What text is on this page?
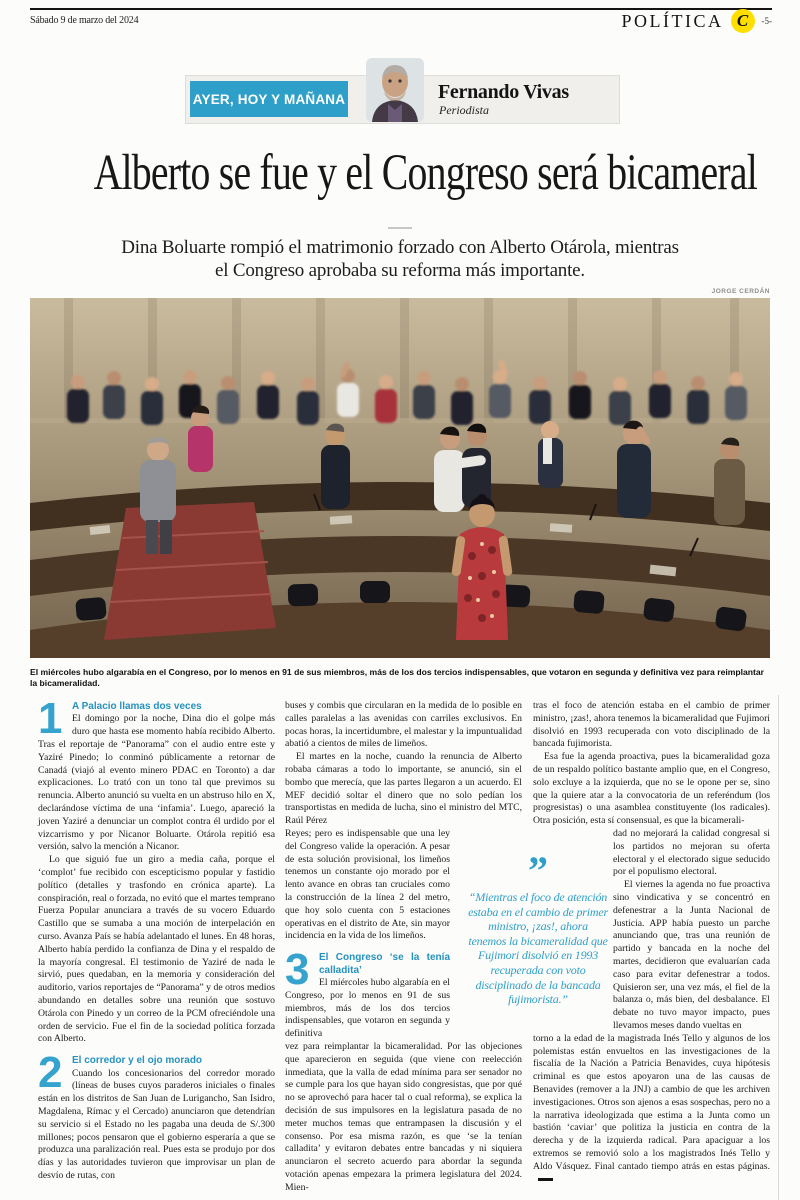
Sábado 9 de marzo del 2024	POLÍTICA C -5-
AYER, HOY Y MAÑANA	Fernando Vivas
Periodista
Alberto se fue y el Congreso será bicameral
Dina Boluarte rompió el matrimonio forzado con Alberto Otárola, mientras el Congreso aprobaba su reforma más importante.
JORGE CERDÁN
El miércoles hubo algarabía en el Congreso, por lo menos en 91 de sus miembros, más de los dos tercios indispensables, que votaron en segunda y definitiva vez para reimplantar la bicameralidad.
1 A Palacio llamas dos veces
El domingo por la noche, Dina dio el golpe más duro que hasta ese momento había recibido Alberto. Tras el reportaje de “Panorama” con el audio entre este y Yaziré Pinedo; lo conminó públicamente a retornar de Canadá (viajó al evento minero PDAC en Toronto) a dar explicaciones. Lo trató con un tono tal que previmos su renuncia. Alberto anunció su vuelta en un abstruso hilo en X, declarándose víctima de una ‘infamia’. Luego, apareció la joven Yaziré a denunciar un complot contra él urdido por el vizcarrismo y por Nicanor Boluarte. Otárola repitió esa versión, salvo la mención a Nicanor.
Lo que siguió fue un giro a media caña, porque el ‘complot’ fue recibido con escepticismo popular y fastidio político (detalles y trasfondo en crónica aparte). La conspiración, real o forzada, no evitó que el martes temprano Fuerza Popular anunciara a través de su vocero Eduardo Castillo que se sumaba a una moción de interpelación en curso. Avanza País se había adelantado el lunes. En 48 horas, Alberto había perdido la confianza de Dina y el respaldo de la mayoría congresal. El testimonio de Yaziré de nada le sirvió, pues quedaban, en la memoria y consideración del auditorio, varios reportajes de “Panorama” y de otros medios abundando en detalles sobre una reunión que sostuvo Otárola con Pinedo y un correo de la PCM ofreciéndole una orden de servicio. Fue el fin de la sociedad política forzada con Alberto.
2 El corredor y el ojo morado
Cuando los concesionarios del corredor morado (líneas de buses cuyos paraderos iniciales o finales están en los distritos de San Juan de Lurigancho, San Isidro, Magdalena, Rímac y el Cercado) anunciaron que detendrían su servicio si el Estado no les pagaba una deuda de S/.300 millones; pocos pensaron que el gobierno esperaría a que se produzca una paralización real. Pues esta se produjo por dos días y las autoridades tuvieron que improvisar un plan de desvío de rutas, con
buses y combis que circularan en la medida de lo posible en calles paralelas a las avenidas con carriles exclusivos. En pocas horas, la incertidumbre, el malestar y la impuntualidad abatió a cientos de miles de limeños.
El martes en la noche, cuando la renuncia de Alberto robaba cámaras a todo lo importante, se anunció, sin el bombo que merecía, que las partes llegaron a un acuerdo. El MEF decidió soltar el dinero que no solo pedían los transportistas en medida de lucha, sino el ministro del MTC, Raúl Pérez
Reyes; pero es indispensable que una ley del Congreso valide la operación. A pesar de esta solución provisional, los limeños tenemos un constante ojo morado por el lento avance en obras tan cruciales como la construcción de la línea 2 del metro, que hoy solo cuenta con 5 estaciones operativas en el distrito de Ate, sin mayor incidencia en la vida de los limeños.
3 El Congreso ‘se la tenía calladita’
El miércoles hubo algarabía en el Congreso, por lo menos en 91 de sus miembros, más de los dos tercios indispensables, que votaron en segunda y definitiva
vez para reimplantar la bicameralidad. Por las objeciones que aparecieron en seguida (que viene con reelección inmediata, que la valla de edad mínima para ser senador no se cumple para los que hayan sido congresistas, que por qué no se aprovechó para hacer tal o cual reforma), se explica la decisión de sus impulsores en la legislatura pasada de no meter muchos temas que entrampasen la discusión y el consenso. Por esa misma razón, es que ‘se la tenían calladita’ y evitaron debates entre bancadas y ni siquiera anunciaron el secreto acuerdo para abordar la segunda votación apenas empezara la primera legislatura del 2024. Mien-
tras el foco de atención estaba en el cambio de primer ministro, ¡zas!, ahora tenemos la bicameralidad que Fujimori disolvió en 1993 recuperada con voto disciplinado de la bancada fujimorista.
Esa fue la agenda proactiva, pues la bicameralidad goza de un respaldo político bastante amplio que, en el Congreso, solo excluye a la izquierda, que no se le opone per se, sino que la quiere atar a la convocatoria de un referéndum (los progresistas) o una asamblea constituyente (los radicales). Otra posición, esta sí consensual, es que la bicamerali-
dad no mejorará la calidad congresal si los partidos no mejoran su oferta electoral y el electorado sigue seducido por el populismo electoral.
El viernes la agenda no fue proactiva sino vindicativa y se concentró en defenestrar a la Junta Nacional de Justicia. APP había puesto un parche anunciando que, tras una reunión de partido y bancada en la noche del martes, decidieron que evaluarían cada caso para evitar defenestrar a todos. Quisieron ser, una vez más, el fiel de la balanza o, más bien, del desbalance. El debate no tuvo mayor impacto, pues llevamos meses dando vueltas en
torno a la edad de la magistrada Inés Tello y algunos de los polemistas están envueltos en las investigaciones de la fiscalía de la Nación a Patricia Benavides, cuya hipótesis criminal es que estos apoyaron una de las causas de Benavides (remover a la JNJ) a cambio de que les archiven investigaciones. Otros son ajenos a esas sospechas, pero no a la narrativa ideologizada que estima a la Junta como un bastión ‘caviar’ que politiza la justicia en contra de la derecha y de la izquierda radical. Para apaciguar a los extremos se removió solo a los magistrados Inés Tello y Aldo Vásquez. Final cantado tiempo atrás en estas páginas.
”
“Mientras el foco de atención estaba en el cambio de primer ministro, ¡zas!, ahora tenemos la bicameralidad que Fujimori disolvió en 1993 recuperada con voto disciplinado de la bancada fujimorista.”
